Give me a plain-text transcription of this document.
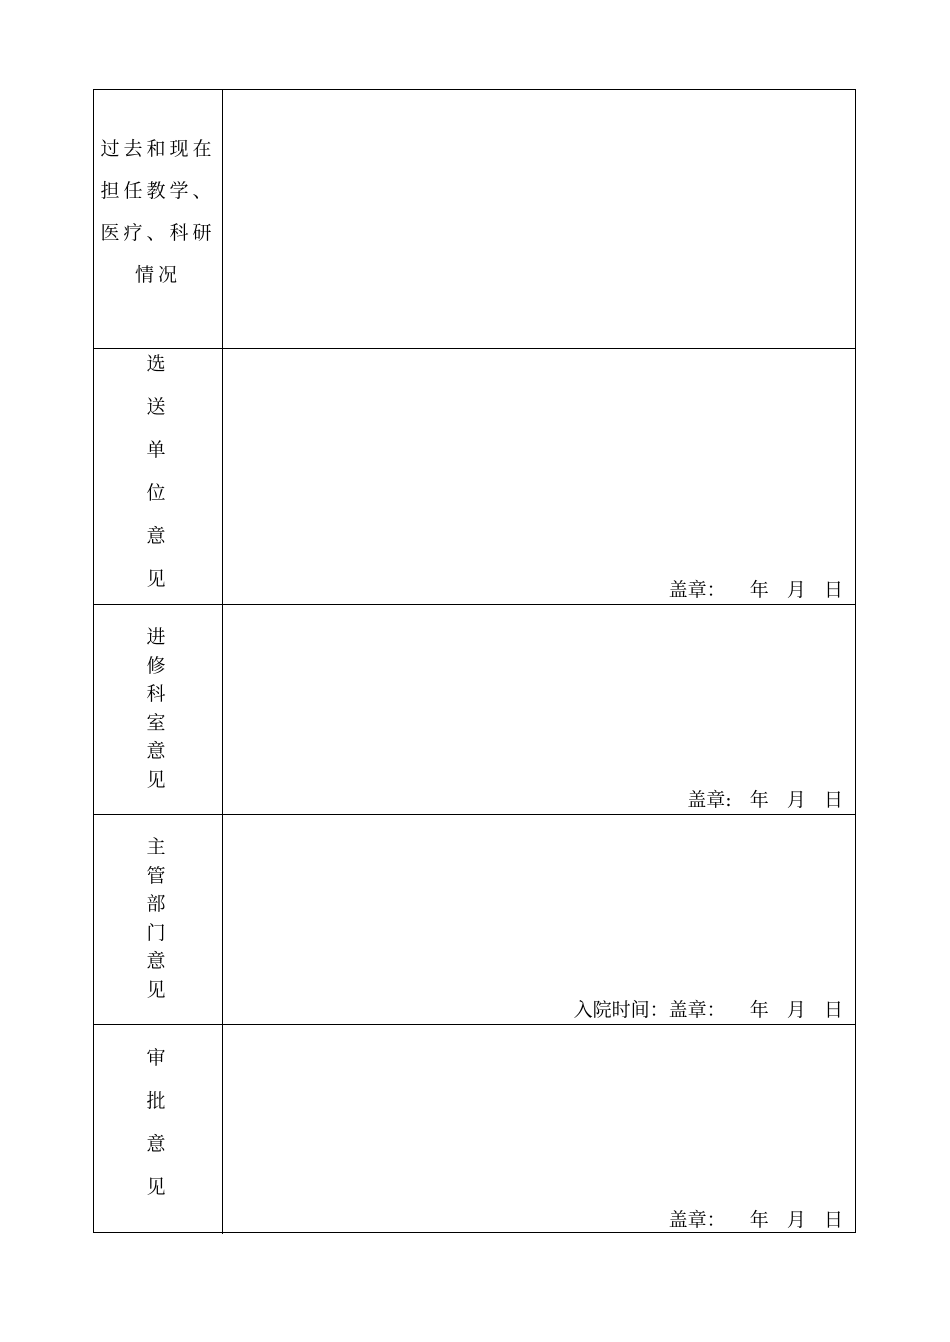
过去和现在
担任教学、
医疗、科研
情况
选
送
单
位
意
见	盖章：    年   月   日
进
修
科
室
意
见
盖章:   年   月   日
主
管
部
门
意
见
入院时间：盖章：    年   月   日
审
批
意
见
盖章：    年   月   日
